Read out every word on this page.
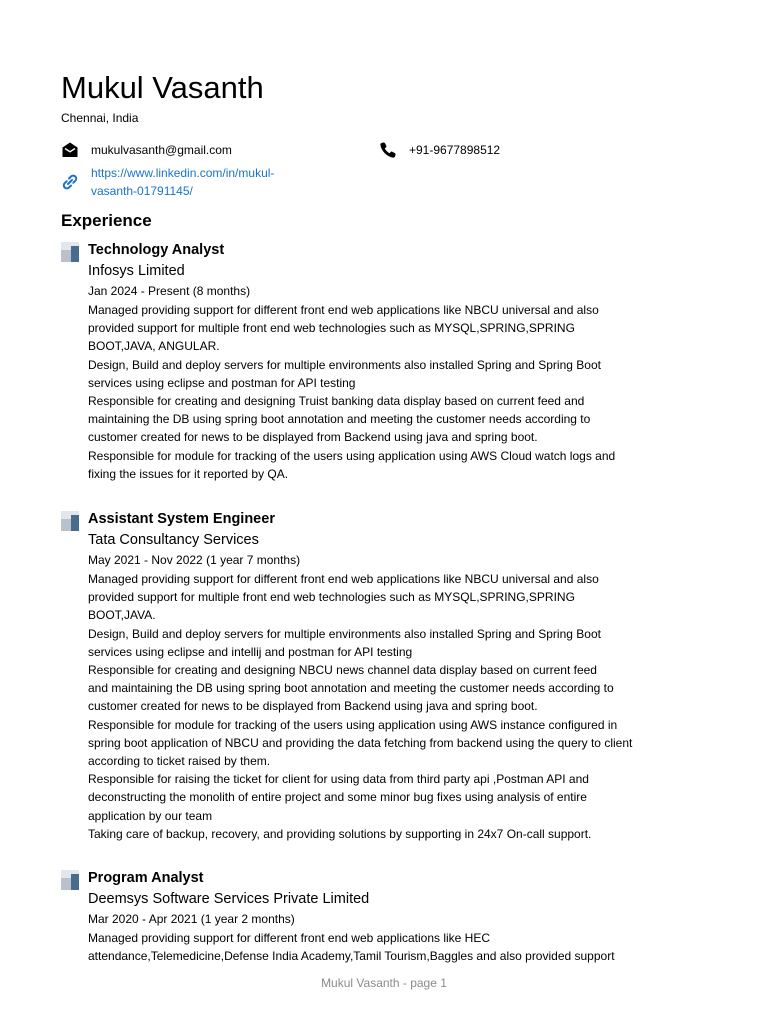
Mukul Vasanth
Chennai, India
mukulvasanth@gmail.com	+91-9677898512
https://www.linkedin.com/in/mukul-
vasanth-01791145/
Experience
Technology Analyst
Infosys Limited
Jan 2024 - Present (8 months)

Managed providing support for different front end web applications like NBCU universal and also

provided support for multiple front end web technologies such as MYSQL,SPRING,SPRING

BOOT,JAVA, ANGULAR.

Design, Build and deploy servers for multiple environments also installed Spring and Spring Boot

services using eclipse and postman for API testing

Responsible for creating and designing Truist banking data display based on current feed and

maintaining the DB using spring boot annotation and meeting the customer needs according to

customer created for news to be displayed from Backend using java and spring boot.

Responsible for module for tracking of the users using application using AWS Cloud watch logs and

fixing the issues for it reported by QA.

Assistant System Engineer
Tata Consultancy Services
May 2021 - Nov 2022 (1 year 7 months)

Managed providing support for different front end web applications like NBCU universal and also

provided support for multiple front end web technologies such as MYSQL,SPRING,SPRING

BOOT,JAVA.

Design, Build and deploy servers for multiple environments also installed Spring and Spring Boot

services using eclipse and intellij and postman for API testing

Responsible for creating and designing NBCU news channel data display based on current feed

and maintaining the DB using spring boot annotation and meeting the customer needs according to

customer created for news to be displayed from Backend using java and spring boot.

Responsible for module for tracking of the users using application using AWS instance configured in

spring boot application of NBCU and providing the data fetching from backend using the query to client

according to ticket raised by them.

Responsible for raising the ticket for client for using data from third party api ,Postman API and

deconstructing the monolith of entire project and some minor bug fixes using analysis of entire

application by our team

Taking care of backup, recovery, and providing solutions by supporting in 24x7 On-call support.

Program Analyst
Deemsys Software Services Private Limited
Mar 2020 - Apr 2021 (1 year 2 months)

Managed providing support for different front end web applications like HEC

attendance,Telemedicine,Defense India Academy,Tamil Tourism,Baggles and also provided support

Mukul Vasanth - page 1
